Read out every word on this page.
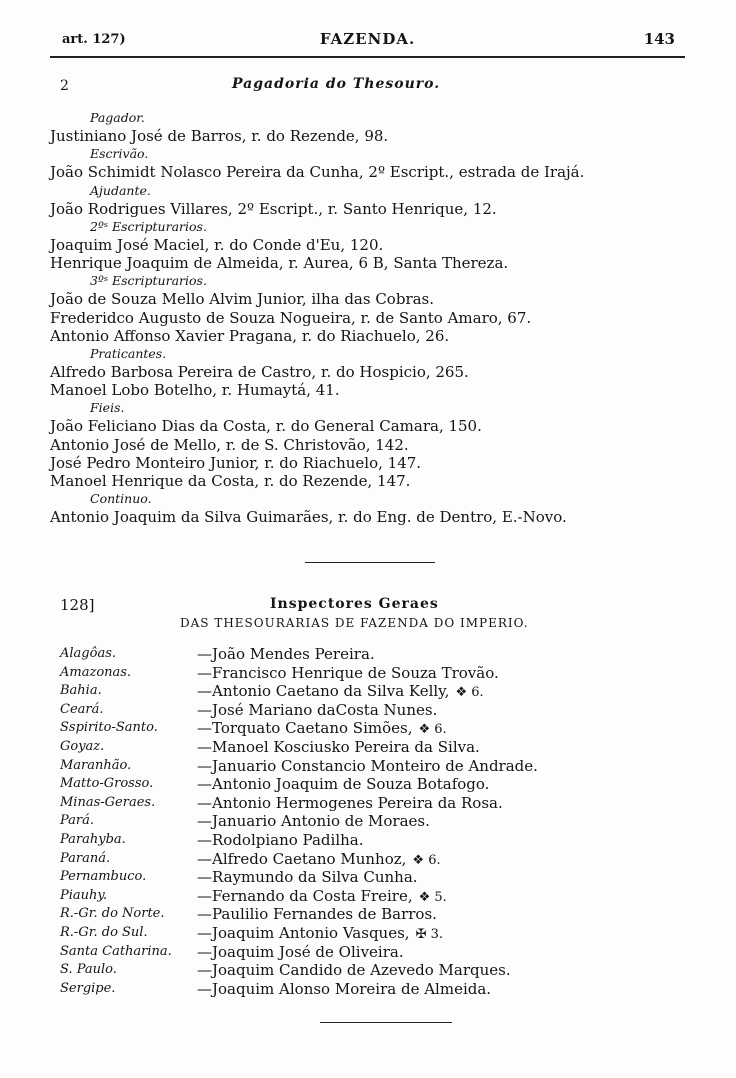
art. 127)	FAZENDA.	143
2	Pagadoria do Thesouro.
Pagador.
Justiniano José de Barros, r. do Rezende, 98.
Escrivão.
João Schimidt Nolasco Pereira da Cunha, 2º Escript., estrada de Irajá.
Ajudante.
João Rodrigues Villares, 2º Escript., r. Santo Henrique, 12.
2ºˢ Escripturarios.
Joaquim José Maciel, r. do Conde d'Eu, 120.
Henrique Joaquim de Almeida, r. Aurea, 6 B, Santa Thereza.
3ºˢ Escripturarios.
João de Souza Mello Alvim Junior, ilha das Cobras.
Frederidco Augusto de Souza Nogueira, r. de Santo Amaro, 67.
Antonio Affonso Xavier Pragana, r. do Riachuelo, 26.
Praticantes.
Alfredo Barbosa Pereira de Castro, r. do Hospicio, 265.
Manoel Lobo Botelho, r. Humaytá, 41.
Fieis.
João Feliciano Dias da Costa, r. do General Camara, 150.
Antonio José de Mello, r. de S. Christovão, 142.
José Pedro Monteiro Junior, r. do Riachuelo, 147.
Manoel Henrique da Costa, r. do Rezende, 147.
Continuo.
Antonio Joaquim da Silva Guimarães, r. do Eng. de Dentro, E.-Novo.
128]	Inspectores Geraes
DAS THESOURARIAS DE FAZENDA DO IMPERIO.
Alagôas.	—João Mendes Pereira.
Amazonas.	—Francisco Henrique de Souza Trovão.
Bahia.	—Antonio Caetano da Silva Kelly, ❖ 6.
Ceará.	—José Mariano daCosta Nunes.
Sspirito-Santo.	—Torquato Caetano Simões, ❖ 6.
Goyaz.	—Manoel Kosciusko Pereira da Silva.
Maranhão.	—Januario Constancio Monteiro de Andrade.
Matto-Grosso.	—Antonio Joaquim de Souza Botafogo.
Minas-Geraes.	—Antonio Hermogenes Pereira da Rosa.
Pará.	—Januario Antonio de Moraes.
Parahyba.	—Rodolpiano Padilha.
Paraná.	—Alfredo Caetano Munhoz, ❖ 6.
Pernambuco.	—Raymundo da Silva Cunha.
Piauhy.	—Fernando da Costa Freire, ❖ 5.
R.-Gr. do Norte. —Paulilio Fernandes de Barros.
R.-Gr. do Sul.	—Joaquim Antonio Vasques, ✠ 3.
Santa Catharina. —Joaquim José de Oliveira.
S. Paulo.	—Joaquim Candido de Azevedo Marques.
Sergipe.	—Joaquim Alonso Moreira de Almeida.
